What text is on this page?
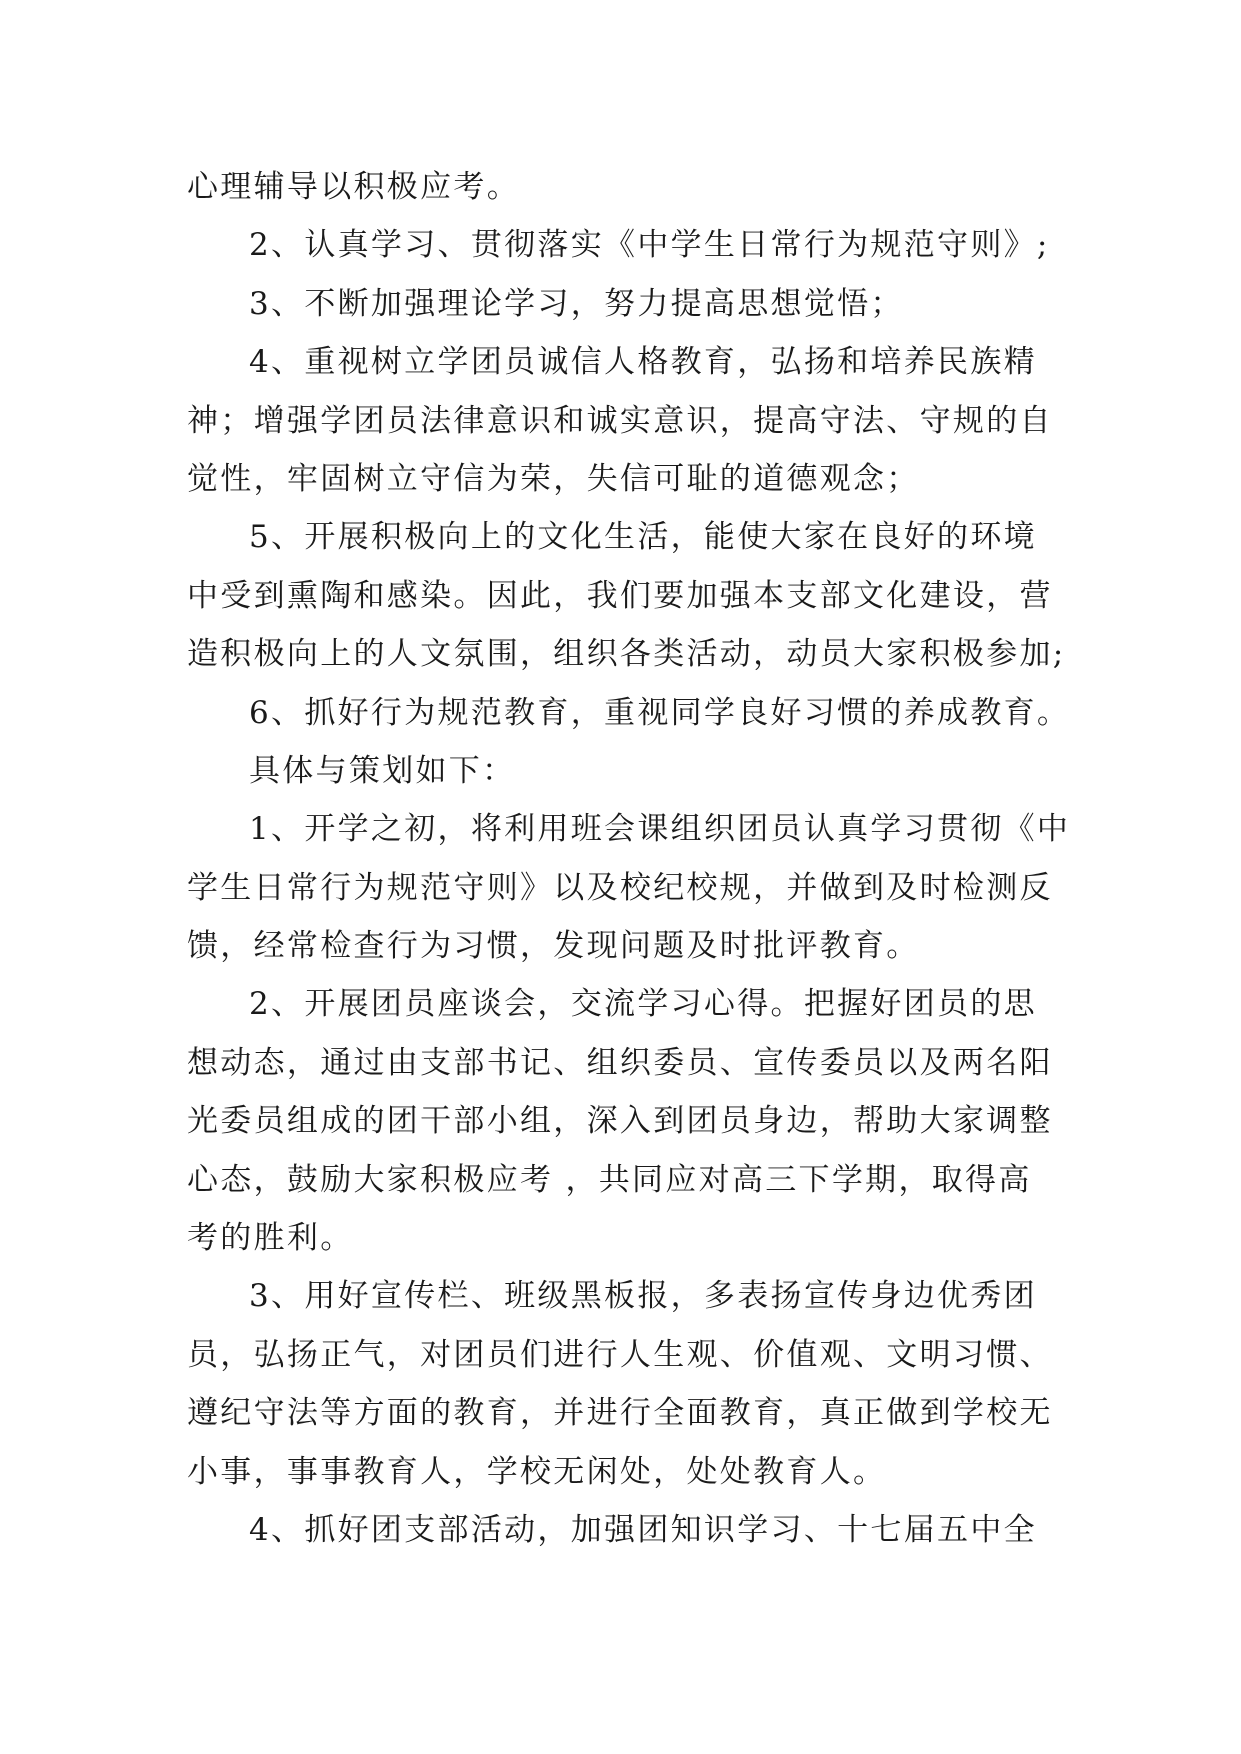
心理辅导以积极应考。
2、认真学习、贯彻落实《中学生日常行为规范守则》;
3、不断加强理论学习，努力提高思想觉悟；
4、重视树立学团员诚信人格教育，弘扬和培养民族精
神；增强学团员法律意识和诚实意识，提高守法、守规的自
觉性，牢固树立守信为荣，失信可耻的道德观念；
5、开展积极向上的文化生活，能使大家在良好的环境
中受到熏陶和感染。因此，我们要加强本支部文化建设，营
造积极向上的人文氛围，组织各类活动，动员大家积极参加;
6、抓好行为规范教育，重视同学良好习惯的养成教育。
具体与策划如下：
1、开学之初，将利用班会课组织团员认真学习贯彻《中
学生日常行为规范守则》以及校纪校规，并做到及时检测反
馈，经常检查行为习惯，发现问题及时批评教育。
2、开展团员座谈会，交流学习心得。把握好团员的思
想动态，通过由支部书记、组织委员、宣传委员以及两名阳
光委员组成的团干部小组，深入到团员身边，帮助大家调整
心态，鼓励大家积极应考 ，共同应对高三下学期，取得高
考的胜利。
3、用好宣传栏、班级黑板报，多表扬宣传身边优秀团
员，弘扬正气，对团员们进行人生观、价值观、文明习惯、
遵纪守法等方面的教育，并进行全面教育，真正做到学校无
小事，事事教育人，学校无闲处，处处教育人。
4、抓好团支部活动，加强团知识学习、十七届五中全
